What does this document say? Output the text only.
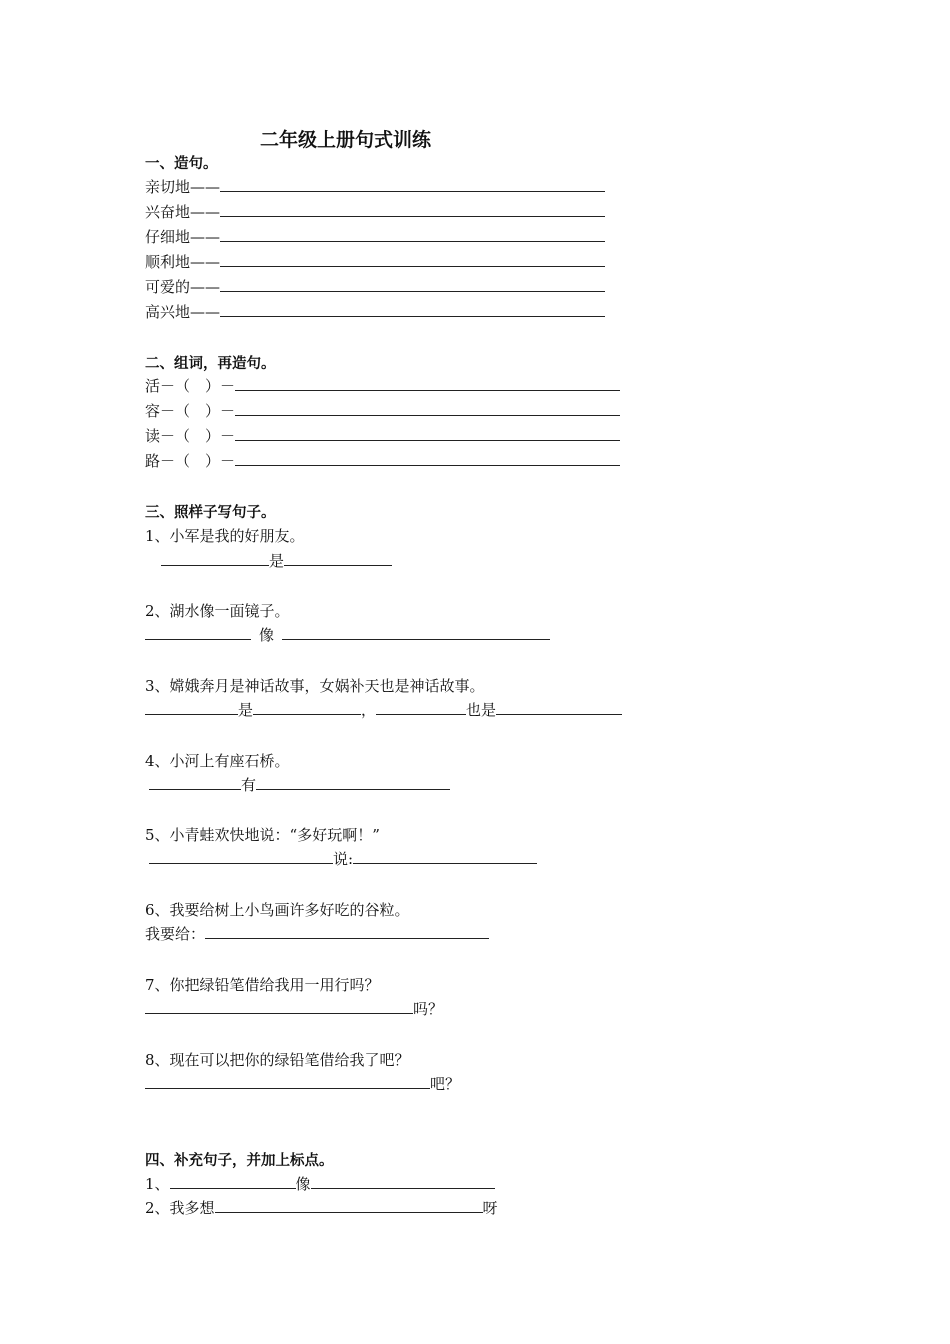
二年级上册句式训练
一、造句。
亲切地——
兴奋地——
仔细地——
顺利地——
可爱的——
高兴地——
二、组词，再造句。
活－（　）－
容－（　）－
读－（　）－
路－（　）－
三、照样子写句子。
1、小军是我的好朋友。
是
2、湖水像一面镜子。
像
3、嫦娥奔月是神话故事，女娲补天也是神话故事。
是	，	也是
4、小河上有座石桥。
有
5、小青蛙欢快地说：“多好玩啊！”
说:
6、我要给树上小鸟画许多好吃的谷粒。
我要给：
7、你把绿铅笔借给我用一用行吗？
吗？
8、现在可以把你的绿铅笔借给我了吧？
吧？
四、补充句子，并加上标点。
1、	像
2、我多想	呀
